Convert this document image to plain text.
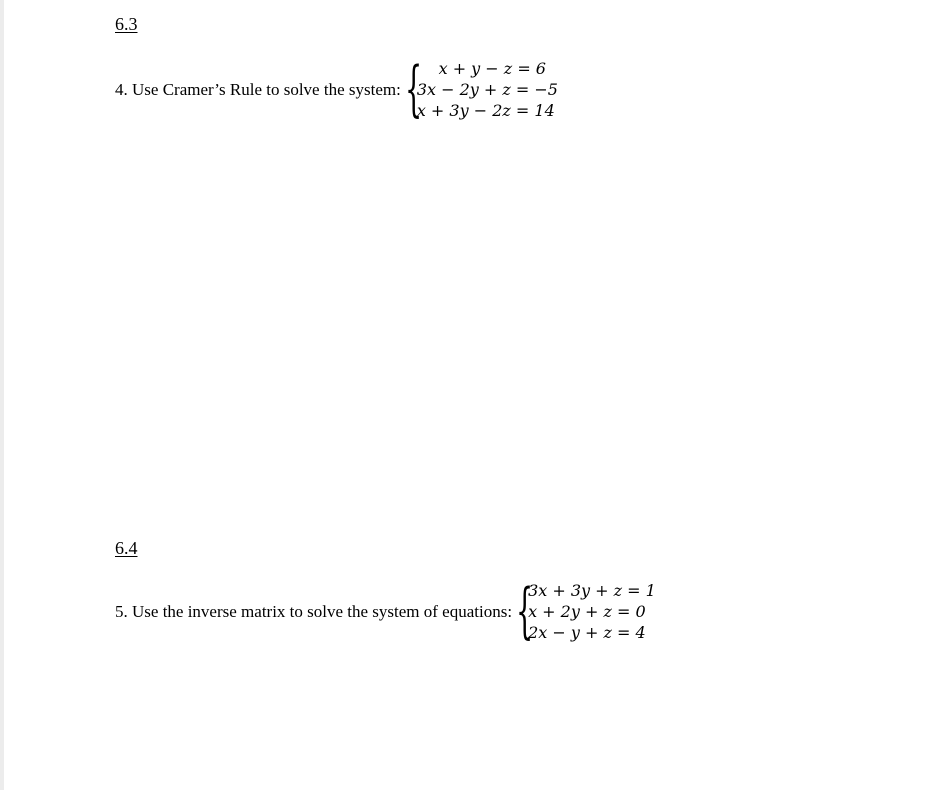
6.3
4. Use Cramer’s Rule to solve the system: {	x + y − z = 6
3x − 2y + z = −5
x + 3y − 2z = 14
6.4
5. Use the inverse matrix to solve the system of equations: {
3x + 3y + z = 1
x + 2y + z = 0
2x − y + z = 4
